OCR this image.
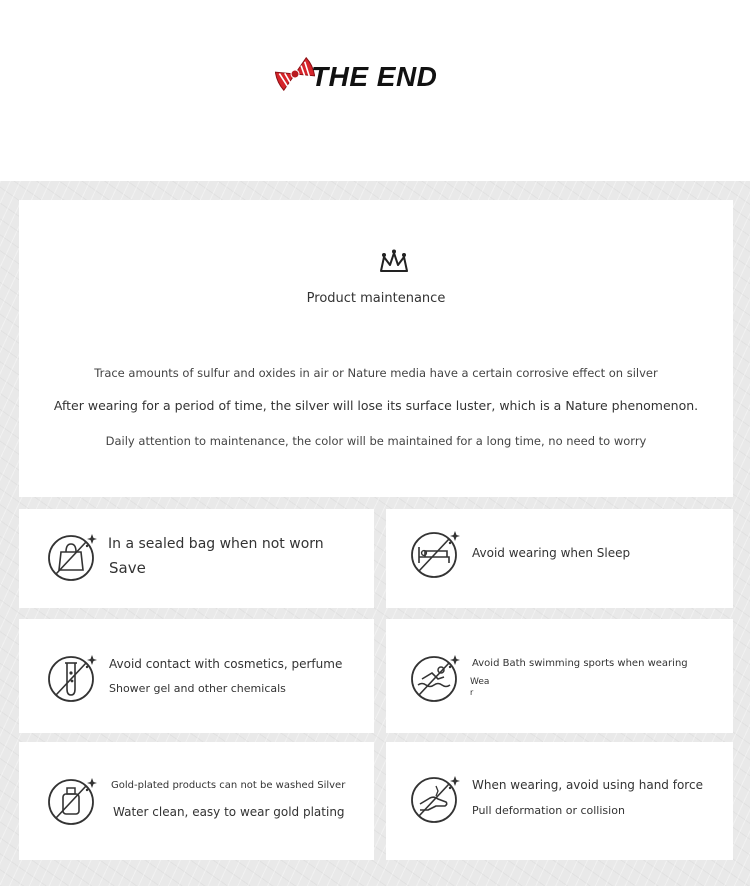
THE END
Product maintenance
Trace amounts of sulfur and oxides in air or Nature media have a certain corrosive effect on silver
After wearing for a period of time, the silver will lose its surface luster, which is a Nature phenomenon.
Daily attention to maintenance, the color will be maintained for a long time, no need to worry
In a sealed bag when not worn
Save
Avoid wearing when Sleep
Avoid contact with cosmetics, perfume
Shower gel and other chemicals
Avoid Bath swimming sports when wearing
Wea
r
Gold-plated products can not be washed Silver
Water clean, easy to wear gold plating
When wearing, avoid using hand force
Pull deformation or collision
